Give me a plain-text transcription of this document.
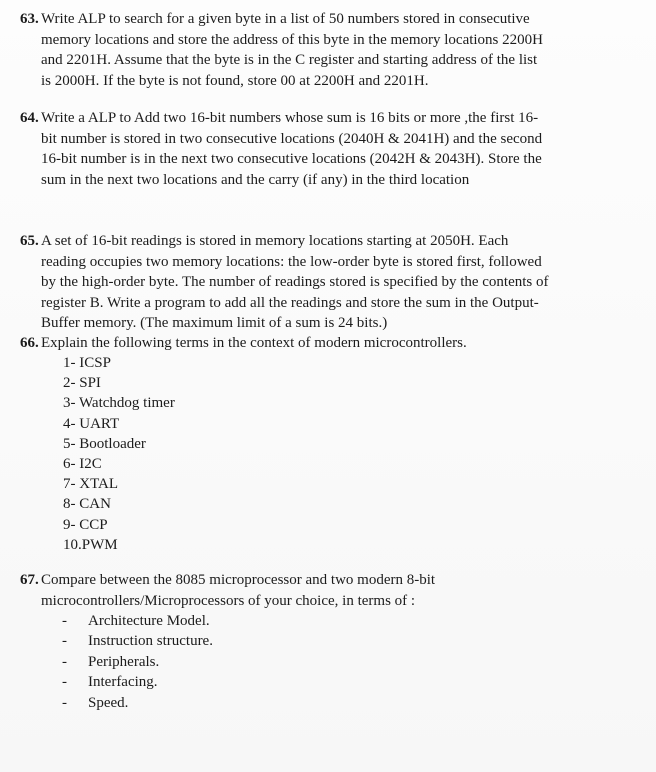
63. Write ALP to search for a given byte in a list of 50 numbers stored in consecutive
memory locations and store the address of this byte in the memory locations 2200H
and 2201H. Assume that the byte is in the C register and starting address of the list
is 2000H. If the byte is not found, store 00 at 2200H and 2201H.
64. Write a ALP to Add two 16-bit numbers whose sum is 16 bits or more ,the first 16-
bit number is stored in two consecutive locations (2040H & 2041H) and the second
16-bit number is in the next two consecutive locations (2042H & 2043H). Store the
sum in the next two locations and the carry (if any) in the third location
65. A set of 16-bit readings is stored in memory locations starting at 2050H. Each
reading occupies two memory locations: the low-order byte is stored first, followed
by the high-order byte. The number of readings stored is specified by the contents of
register B. Write a program to add all the readings and store the sum in the Output-
Buffer memory. (The maximum limit of a sum is 24 bits.)
66. Explain the following terms in the context of modern microcontrollers.
1- ICSP
2- SPI
3- Watchdog timer
4- UART
5- Bootloader
6- I2C
7- XTAL
8- CAN
9- CCP
10.PWM
67. Compare between the 8085 microprocessor and two modern 8-bit
microcontrollers/Microprocessors of your choice, in terms of :
- Architecture Model.
- Instruction structure.
- Peripherals.
- Interfacing.
- Speed.
